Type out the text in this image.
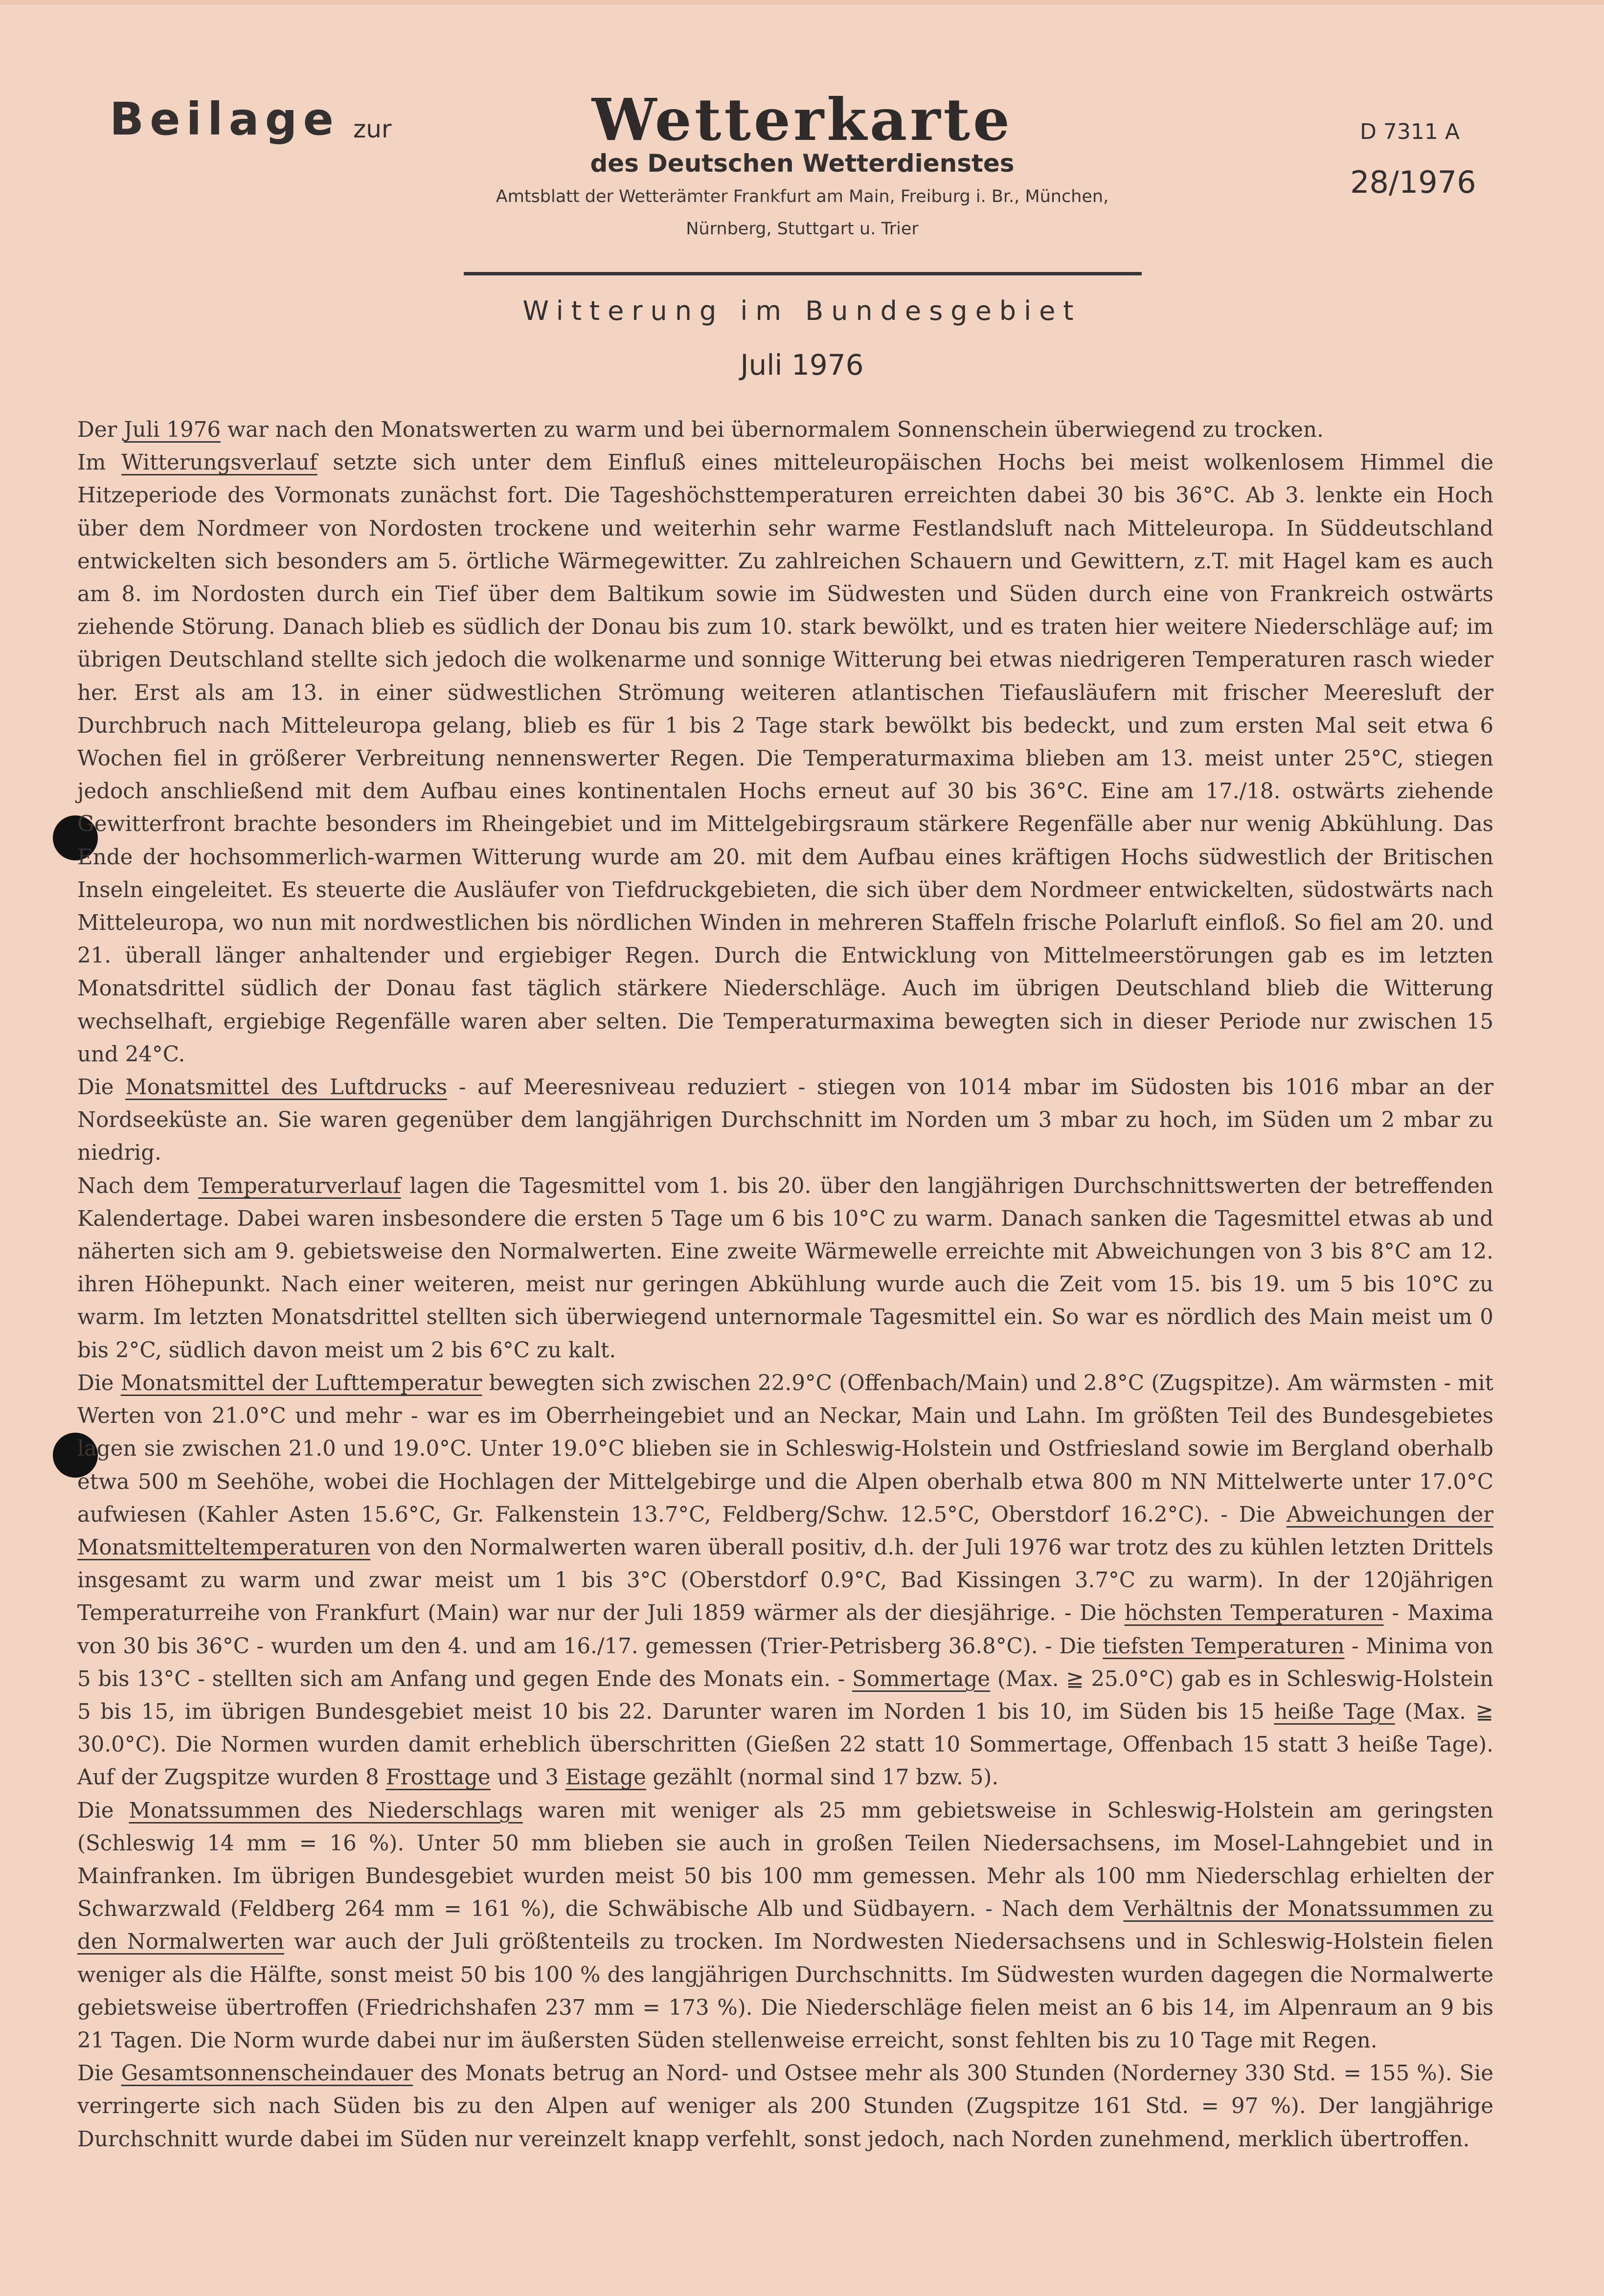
Beilage zur	Wetterkarte
des Deutschen Wetterdienstes
Amtsblatt der Wetterämter Frankfurt am Main, Freiburg i. Br., München,
Nürnberg, Stuttgart u. Trier
D 7311 A
28/1976
Witterung im Bundesgebiet
Juli 1976

Der Juli 1976 war nach den Monatswerten zu warm und bei übernormalem Sonnenschein überwiegend zu trocken.

Im Witterungsverlauf setzte sich unter dem Einfluß eines mitteleuropäischen Hochs bei meist wolkenlosem Himmel die Hitzeperiode des Vormonats zunächst fort. Die Tageshöchsttemperaturen erreichten dabei 30 bis 36°C. Ab 3. lenkte ein Hoch über dem Nordmeer von Nordosten trockene und weiterhin sehr warme Festlandsluft nach Mitteleuropa. In Süddeutschland entwickelten sich besonders am 5. örtliche Wärmegewitter. Zu zahlreichen Schauern und Gewittern, z.T. mit Hagel kam es auch am 8. im Nordosten durch ein Tief über dem Baltikum sowie im Südwesten und Süden durch eine von Frankreich ostwärts ziehende Störung. Danach blieb es südlich der Donau bis zum 10. stark bewölkt, und es traten hier weitere Niederschläge auf; im übrigen Deutschland stellte sich jedoch die wolkenarme und sonnige Witterung bei etwas niedrigeren Temperaturen rasch wieder her. Erst als am 13. in einer südwestlichen Strömung weiteren atlantischen Tiefausläufern mit frischer Meeresluft der Durchbruch nach Mitteleuropa gelang, blieb es für 1 bis 2 Tage stark bewölkt bis bedeckt, und zum ersten Mal seit etwa 6 Wochen fiel in größerer Verbreitung nennenswerter Regen. Die Temperaturmaxima blieben am 13. meist unter 25°C, stiegen jedoch anschließend mit dem Aufbau eines kontinentalen Hochs erneut auf 30 bis 36°C. Eine am 17./18. ostwärts ziehende Gewitterfront brachte besonders im Rheingebiet und im Mittelgebirgsraum stärkere Regenfälle aber nur wenig Abkühlung. Das Ende der hochsommerlich-warmen Witterung wurde am 20. mit dem Aufbau eines kräftigen Hochs südwestlich der Britischen Inseln eingeleitet. Es steuerte die Ausläufer von Tiefdruckgebieten, die sich über dem Nordmeer entwickelten, südostwärts nach Mitteleuropa, wo nun mit nordwestlichen bis nördlichen Winden in mehreren Staffeln frische Polarluft einfloß. So fiel am 20. und 21. überall länger anhaltender und ergiebiger Regen. Durch die Entwicklung von Mittelmeerstörungen gab es im letzten Monatsdrittel südlich der Donau fast täglich stärkere Niederschläge. Auch im übrigen Deutschland blieb die Witterung wechselhaft, ergiebige Regenfälle waren aber selten. Die Temperaturmaxima bewegten sich in dieser Periode nur zwischen 15 und 24°C.

Die Monatsmittel des Luftdrucks - auf Meeresniveau reduziert - stiegen von 1014 mbar im Südosten bis 1016 mbar an der Nordseeküste an. Sie waren gegenüber dem langjährigen Durchschnitt im Norden um 3 mbar zu hoch, im Süden um 2 mbar zu niedrig.

Nach dem Temperaturverlauf lagen die Tagesmittel vom 1. bis 20. über den langjährigen Durchschnittswerten der betreffenden Kalendertage. Dabei waren insbesondere die ersten 5 Tage um 6 bis 10°C zu warm. Danach sanken die Tagesmittel etwas ab und näherten sich am 9. gebietsweise den Normalwerten. Eine zweite Wärmewelle erreichte mit Abweichungen von 3 bis 8°C am 12. ihren Höhepunkt. Nach einer weiteren, meist nur geringen Abkühlung wurde auch die Zeit vom 15. bis 19. um 5 bis 10°C zu warm. Im letzten Monatsdrittel stellten sich überwiegend unternormale Tagesmittel ein. So war es nördlich des Main meist um 0 bis 2°C, südlich davon meist um 2 bis 6°C zu kalt.

Die Monatsmittel der Lufttemperatur bewegten sich zwischen 22.9°C (Offenbach/Main) und 2.8°C (Zugspitze). Am wärmsten - mit Werten von 21.0°C und mehr - war es im Oberrheingebiet und an Neckar, Main und Lahn. Im größten Teil des Bundesgebietes lagen sie zwischen 21.0 und 19.0°C. Unter 19.0°C blieben sie in Schleswig-Holstein und Ostfriesland sowie im Bergland oberhalb etwa 500 m Seehöhe, wobei die Hochlagen der Mittelgebirge und die Alpen oberhalb etwa 800 m NN Mittelwerte unter 17.0°C aufwiesen (Kahler Asten 15.6°C, Gr. Falkenstein 13.7°C, Feldberg/Schw. 12.5°C, Oberstdorf 16.2°C). - Die Abweichungen der Monatsmitteltemperaturen von den Normalwerten waren überall positiv, d.h. der Juli 1976 war trotz des zu kühlen letzten Drittels insgesamt zu warm und zwar meist um 1 bis 3°C (Oberstdorf 0.9°C, Bad Kissingen 3.7°C zu warm). In der 120jährigen Temperaturreihe von Frankfurt (Main) war nur der Juli 1859 wärmer als der diesjährige. - Die höchsten Temperaturen - Maxima von 30 bis 36°C - wurden um den 4. und am 16./17. gemessen (Trier-Petrisberg 36.8°C). - Die tiefsten Temperaturen - Minima von 5 bis 13°C - stellten sich am Anfang und gegen Ende des Monats ein. - Sommertage (Max. ≧ 25.0°C) gab es in Schleswig-Holstein 5 bis 15, im übrigen Bundesgebiet meist 10 bis 22. Darunter waren im Norden 1 bis 10, im Süden bis 15 heiße Tage (Max. ≧ 30.0°C). Die Normen wurden damit erheblich überschritten (Gießen 22 statt 10 Sommertage, Offenbach 15 statt 3 heiße Tage). Auf der Zugspitze wurden 8 Frosttage und 3 Eistage gezählt (normal sind 17 bzw. 5).

Die Monatssummen des Niederschlags waren mit weniger als 25 mm gebietsweise in Schleswig-Holstein am geringsten (Schleswig 14 mm = 16 %). Unter 50 mm blieben sie auch in großen Teilen Niedersachsens, im Mosel-Lahngebiet und in Mainfranken. Im übrigen Bundesgebiet wurden meist 50 bis 100 mm gemessen. Mehr als 100 mm Niederschlag erhielten der Schwarzwald (Feldberg 264 mm = 161 %), die Schwäbische Alb und Südbayern. - Nach dem Verhältnis der Monatssummen zu den Normalwerten war auch der Juli größtenteils zu trocken. Im Nordwesten Niedersachsens und in Schleswig-Holstein fielen weniger als die Hälfte, sonst meist 50 bis 100 % des langjährigen Durchschnitts. Im Südwesten wurden dagegen die Normalwerte gebietsweise übertroffen (Friedrichshafen 237 mm = 173 %). Die Niederschläge fielen meist an 6 bis 14, im Alpenraum an 9 bis 21 Tagen. Die Norm wurde dabei nur im äußersten Süden stellenweise erreicht, sonst fehlten bis zu 10 Tage mit Regen.

Die Gesamtsonnenscheindauer des Monats betrug an Nord- und Ostsee mehr als 300 Stunden (Norderney 330 Std. = 155 %). Sie verringerte sich nach Süden bis zu den Alpen auf weniger als 200 Stunden (Zugspitze 161 Std. = 97 %). Der langjährige Durchschnitt wurde dabei im Süden nur vereinzelt knapp verfehlt, sonst jedoch, nach Norden zunehmend, merklich übertroffen.
